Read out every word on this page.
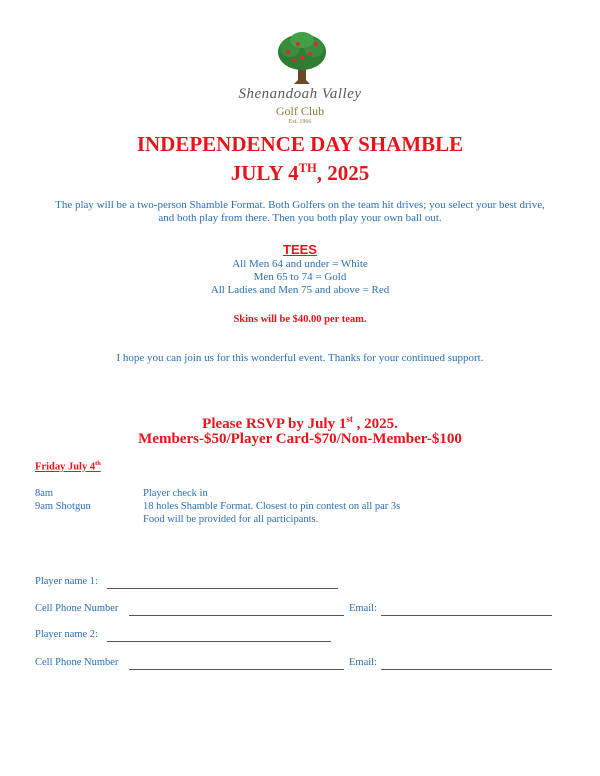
Shenandoah Valley
Golf Club
Est. 1966
INDEPENDENCE DAY SHAMBLE
JULY 4TH, 2025
The play will be a two-person Shamble Format. Both Golfers on the team hit drives; you select your best drive,
and both play from there. Then you both play your own ball out.
TEES
All Men 64 and under = White
Men 65 to 74 = Gold
All Ladies and Men 75 and above = Red
Skins will be $40.00 per team.
I hope you can join us for this wonderful event. Thanks for your continued support.
Please RSVP by July 1st , 2025.
Members-$50/Player Card-$70/Non-Member-$100
Friday July 4th
8am	Player check in
9am Shotgun	18 holes Shamble Format. Closest to pin contest on all par 3s
Food will be provided for all participants.
Player name 1:
Cell Phone Number	Email:
Player name 2:
Cell Phone Number	Email:
